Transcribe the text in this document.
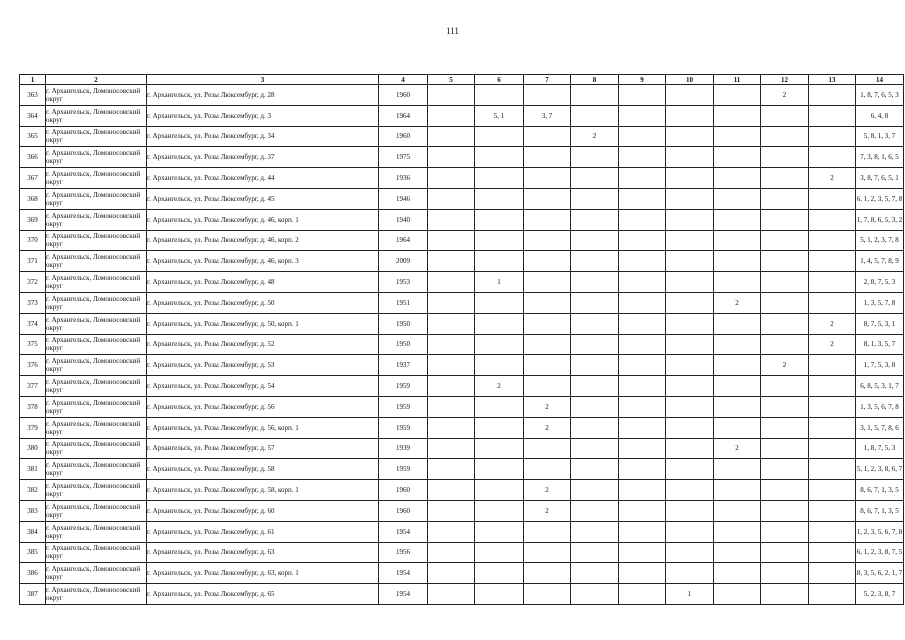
111
1	2	3	4	5	6	7	8	9	10	11	12	13	14
363	г. Архангельск, Ломоносовский округ	г. Архангельск, ул. Розы Люксембург, д. 28	1960								2		1, 8, 7, 6, 5, 3
364	г. Архангельск, Ломоносовский округ	г. Архангельск, ул. Розы Люксембург, д. 3	1964		5, 1	3, 7							6, 4, 8
365	г. Архангельск, Ломоносовский округ	г. Архангельск, ул. Розы Люксембург, д. 34	1960				2						5, 8, 1, 3, 7
366	г. Архангельск, Ломоносовский округ	г. Архангельск, ул. Розы Люксембург, д. 37	1975										7, 3, 8, 1, 6, 5
367	г. Архангельск, Ломоносовский округ	г. Архангельск, ул. Розы Люксембург, д. 44	1936									2	3, 8, 7, 6, 5, 1
368	г. Архангельск, Ломоносовский округ	г. Архангельск, ул. Розы Люксембург, д. 45	1946										6, 1, 2, 3, 5, 7, 8
369	г. Архангельск, Ломоносовский округ	г. Архангельск, ул. Розы Люксембург, д. 46, корп. 1	1940										1, 7, 8, 6, 5, 3, 2
370	г. Архангельск, Ломоносовский округ	г. Архангельск, ул. Розы Люксембург, д. 46, корп. 2	1964										5, 1, 2, 3, 7, 8
371	г. Архангельск, Ломоносовский округ	г. Архангельск, ул. Розы Люксембург, д. 46, корп. 3	2009										1, 4, 5, 7, 8, 9
372	г. Архангельск, Ломоносовский округ	г. Архангельск, ул. Розы Люксембург, д. 48	1953		1								2, 8, 7, 5, 3
373	г. Архангельск, Ломоносовский округ	г. Архангельск, ул. Розы Люксембург, д. 50	1951							2			1, 3, 5, 7, 8
374	г. Архангельск, Ломоносовский округ	г. Архангельск, ул. Розы Люксембург, д. 50, корп. 1	1950									2	8, 7, 5, 3, 1
375	г. Архангельск, Ломоносовский округ	г. Архангельск, ул. Розы Люксембург, д. 52	1950									2	8, 1, 3, 5, 7
376	г. Архангельск, Ломоносовский округ	г. Архангельск, ул. Розы Люксембург, д. 53	1937								2		1, 7, 5, 3, 8
377	г. Архангельск, Ломоносовский округ	г. Архангельск, ул. Розы Люксембург, д. 54	1959		2								6, 8, 5, 3, 1, 7
378	г. Архангельск, Ломоносовский округ	г. Архангельск, ул. Розы Люксембург, д. 56	1959			2							1, 3, 5, 6, 7, 8
379	г. Архангельск, Ломоносовский округ	г. Архангельск, ул. Розы Люксембург, д. 56, корп. 1	1959			2							3, 1, 5, 7, 8, 6
380	г. Архангельск, Ломоносовский округ	г. Архангельск, ул. Розы Люксембург, д. 57	1939							2			1, 8, 7, 5, 3
381	г. Архангельск, Ломоносовский округ	г. Архангельск, ул. Розы Люксембург, д. 58	1959										5, 1, 2, 3, 8, 6, 7
382	г. Архангельск, Ломоносовский округ	г. Архангельск, ул. Розы Люксембург, д. 58, корп. 1	1960			2							8, 6, 7, 1, 3, 5
383	г. Архангельск, Ломоносовский округ	г. Архангельск, ул. Розы Люксембург, д. 60	1960			2							8, 6, 7, 1, 3, 5
384	г. Архангельск, Ломоносовский округ	г. Архангельск, ул. Розы Люксембург, д. 61	1954										1, 2, 3, 5, 6, 7, 8
385	г. Архангельск, Ломоносовский округ	г. Архангельск, ул. Розы Люксембург, д. 63	1956										6, 1, 2, 3, 8, 7, 5
386	г. Архангельск, Ломоносовский округ	г. Архангельск, ул. Розы Люксембург, д. 63, корп. 1	1954										8, 3, 5, 6, 2, 1, 7
387	г. Архангельск, Ломоносовский округ	г. Архангельск, ул. Розы Люксембург, д. 65	1954						1				5, 2, 3, 8, 7
